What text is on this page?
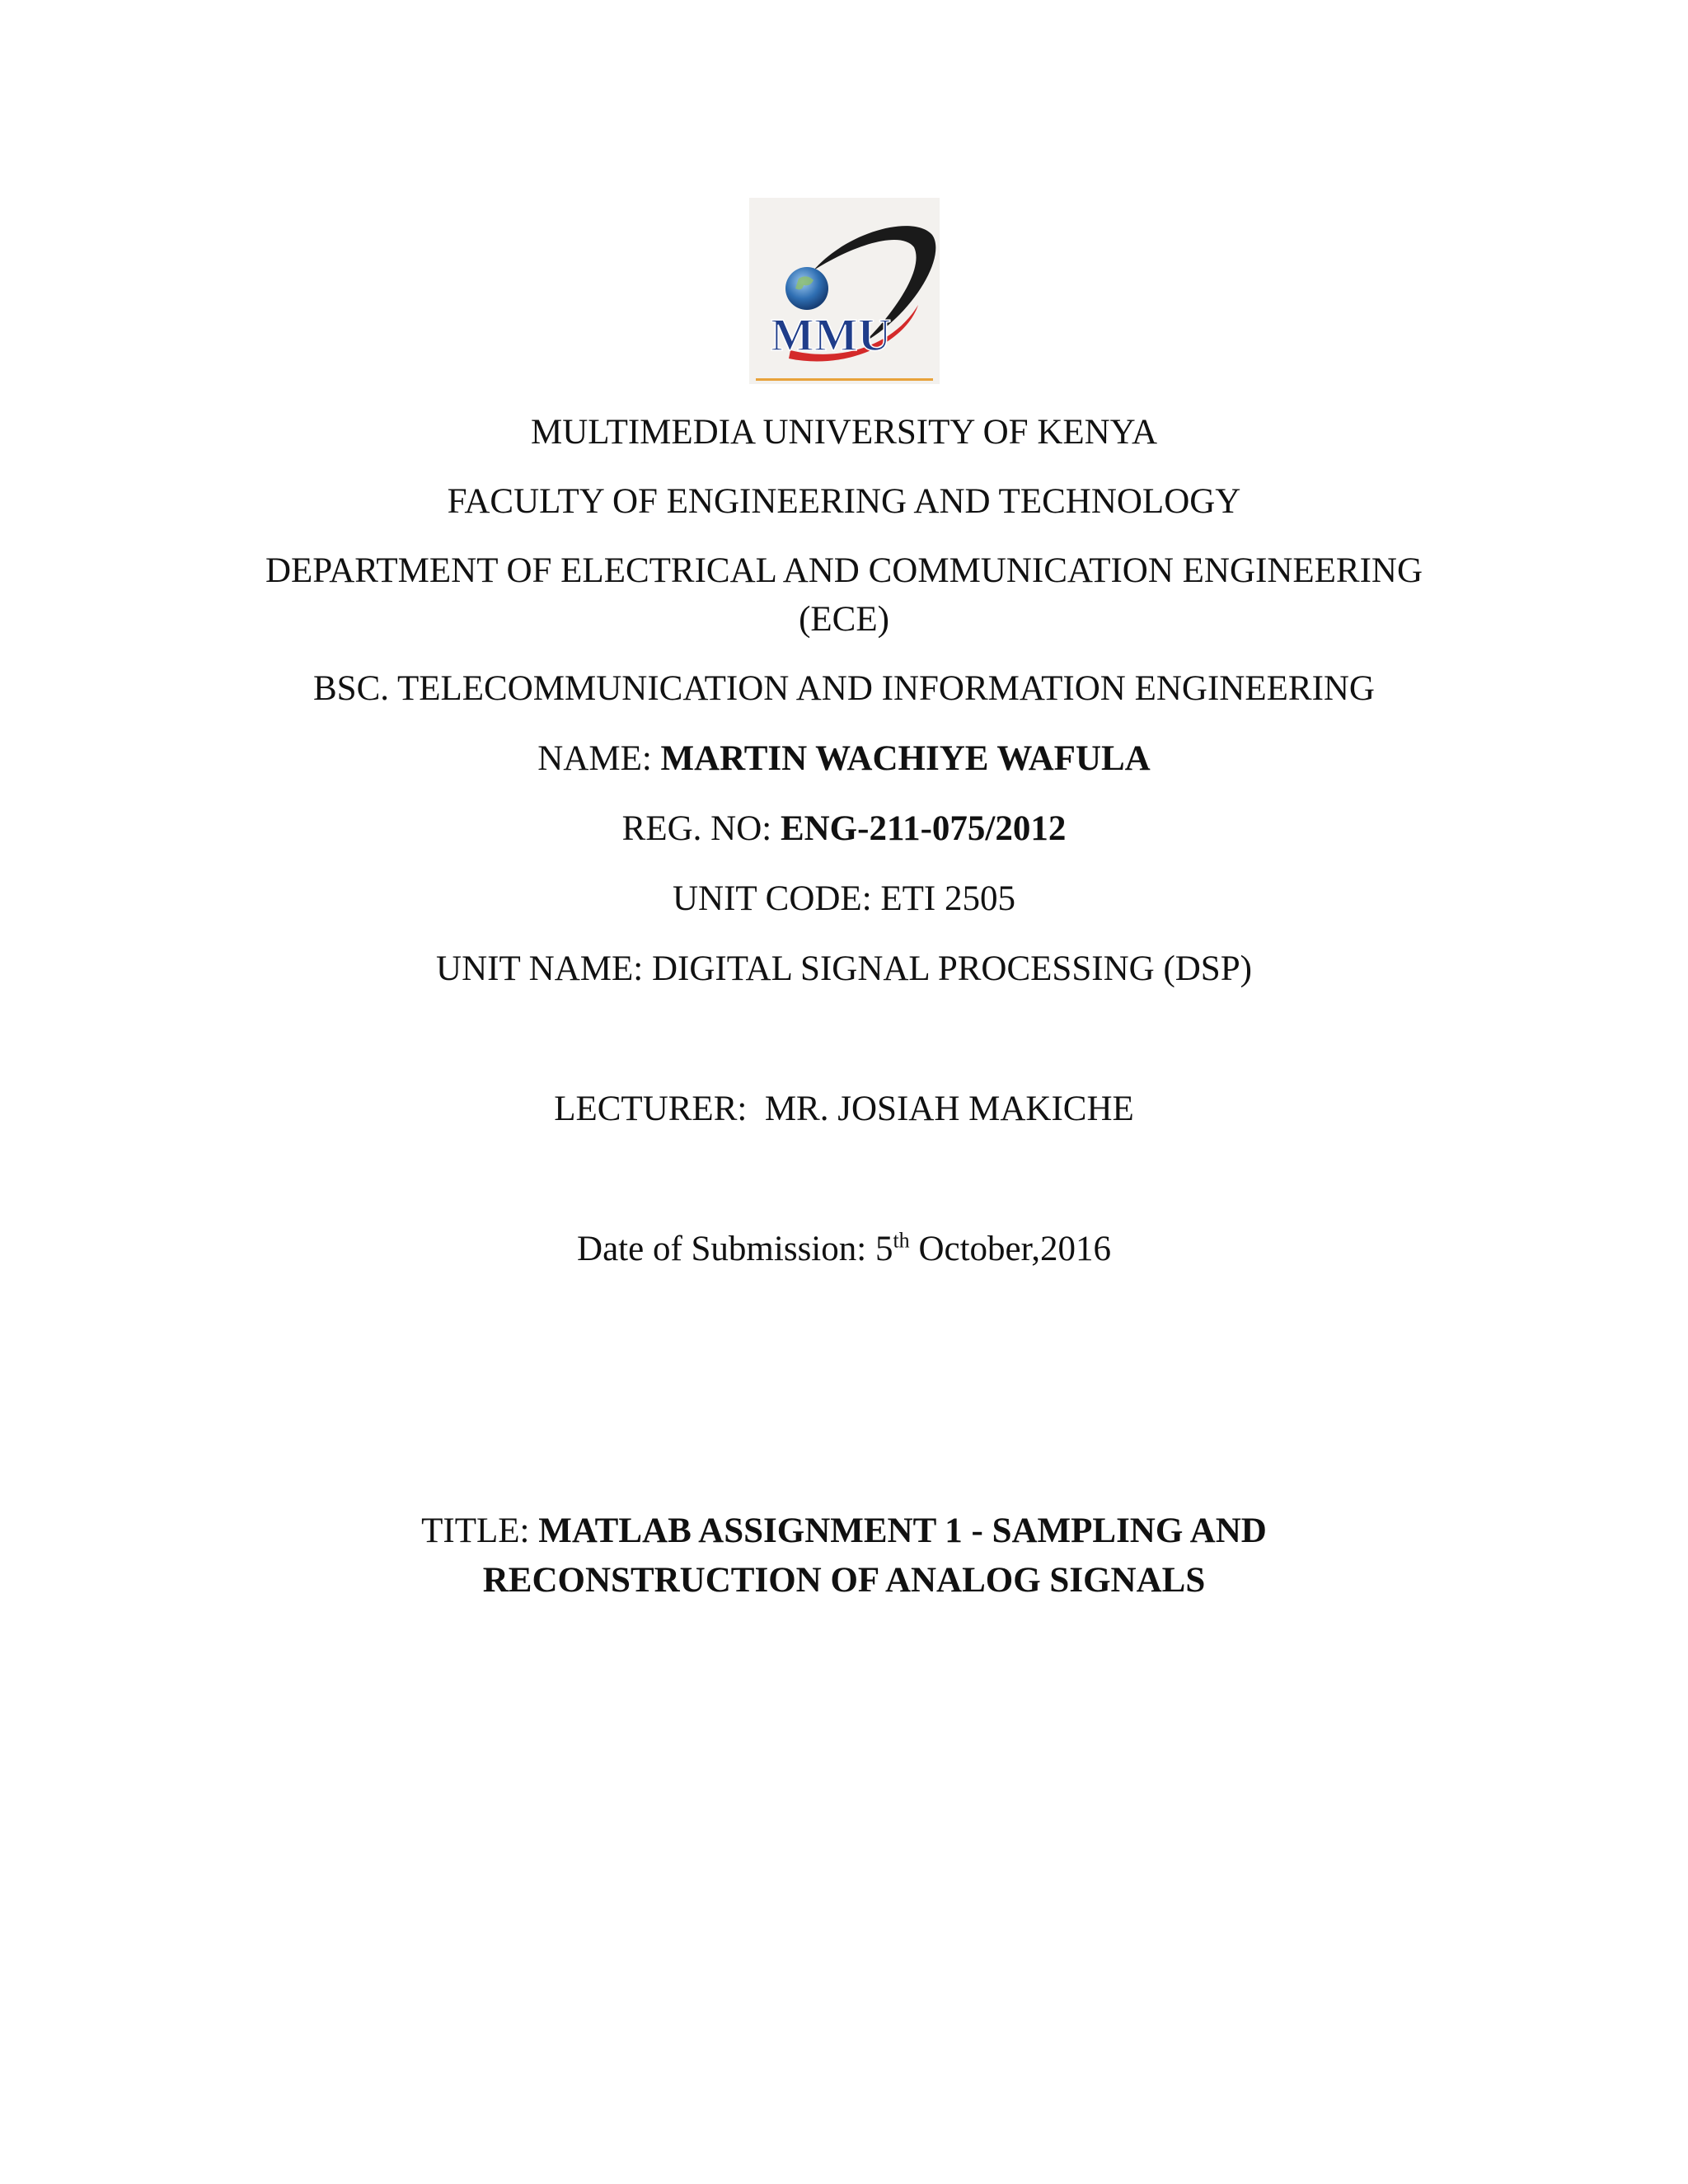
MMU
MULTIMEDIA UNIVERSITY OF KENYA
FACULTY OF ENGINEERING AND TECHNOLOGY
DEPARTMENT OF ELECTRICAL AND COMMUNICATION ENGINEERING
(ECE)
BSC. TELECOMMUNICATION AND INFORMATION ENGINEERING
NAME: MARTIN WACHIYE WAFULA
REG. NO: ENG-211-075/2012
UNIT CODE: ETI 2505
UNIT NAME: DIGITAL SIGNAL PROCESSING (DSP)
LECTURER:  MR. JOSIAH MAKICHE
Date of Submission: 5th October,2016
TITLE: MATLAB ASSIGNMENT 1 - SAMPLING AND
RECONSTRUCTION OF ANALOG SIGNALS
